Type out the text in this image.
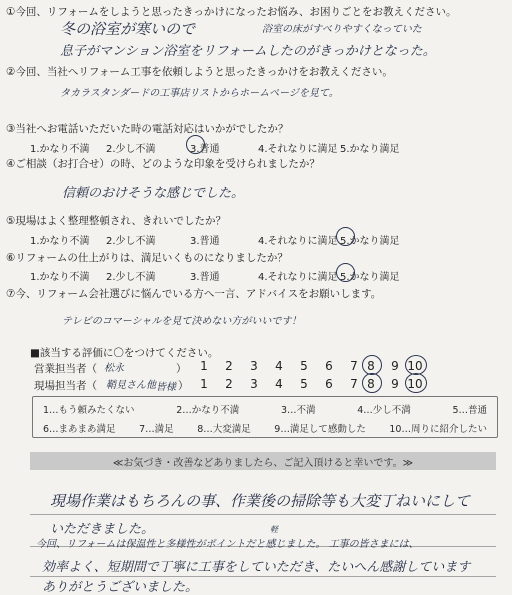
①今回、リフォームをしようと思ったきっかけになったお悩み、お困りごとをお教えください。
冬の浴室が寒いので	浴室の床がすべりやすくなっていた
息子がマンション浴室をリフォームしたのがきっかけとなった。
②今回、当社へリフォーム工事を依頼しようと思ったきっかけをお教えください。
タカラスタンダードの工事店リストからホームページを見て。
③当社へお電話いただいた時の電話対応はいかがでしたか？
1.かなり不満 2.少し不満	3.普通	4.それなりに満足 5.かなり満足
④ご相談（お打合せ）の時、どのような印象を受けられましたか？
信頼のおけそうな感じでした。
⑤現場はよく整理整頓され、きれいでしたか？
1.かなり不満 2.少し不満	3.普通	4.それなりに満足 5.かなり満足
⑥リフォームの仕上がりは、満足いくものになりましたか？
1.かなり不満 2.少し不満	3.普通	4.それなりに満足 5.かなり満足
⑦今、リフォーム会社選びに悩んでいる方へ一言、アドバイスをお願いします。
テレビのコマーシャルを見て決めない方がいいです！
■該当する評価に〇をつけてください。
営業担当者（ 松永	）
現場担当者（ 鞘見さん他 皆様 ）
1	2	3	4	5	6	7 8	9 10
1	2	3	4	5	6	7 8	9 10
1…もう頼みたくない	2…かなり不満	3…不満	4…少し不満	5…普通
6…まあまあ満足 7…満足 8…大変満足 9…満足して感動した 10…周りに紹介したい
≪お気づき・改善などありましたら、ご記入頂けると幸いです。≫
現場作業はもちろんの事、作業後の掃除等も大変丁ねいにして
いただきました。	軽
今回、リフォームは保温性と多様性がポイントだと感じました。 工事の皆さまには、
効率よく、短期間で丁寧に工事をしていただき、たいへん感謝しています
ありがとうございました。
